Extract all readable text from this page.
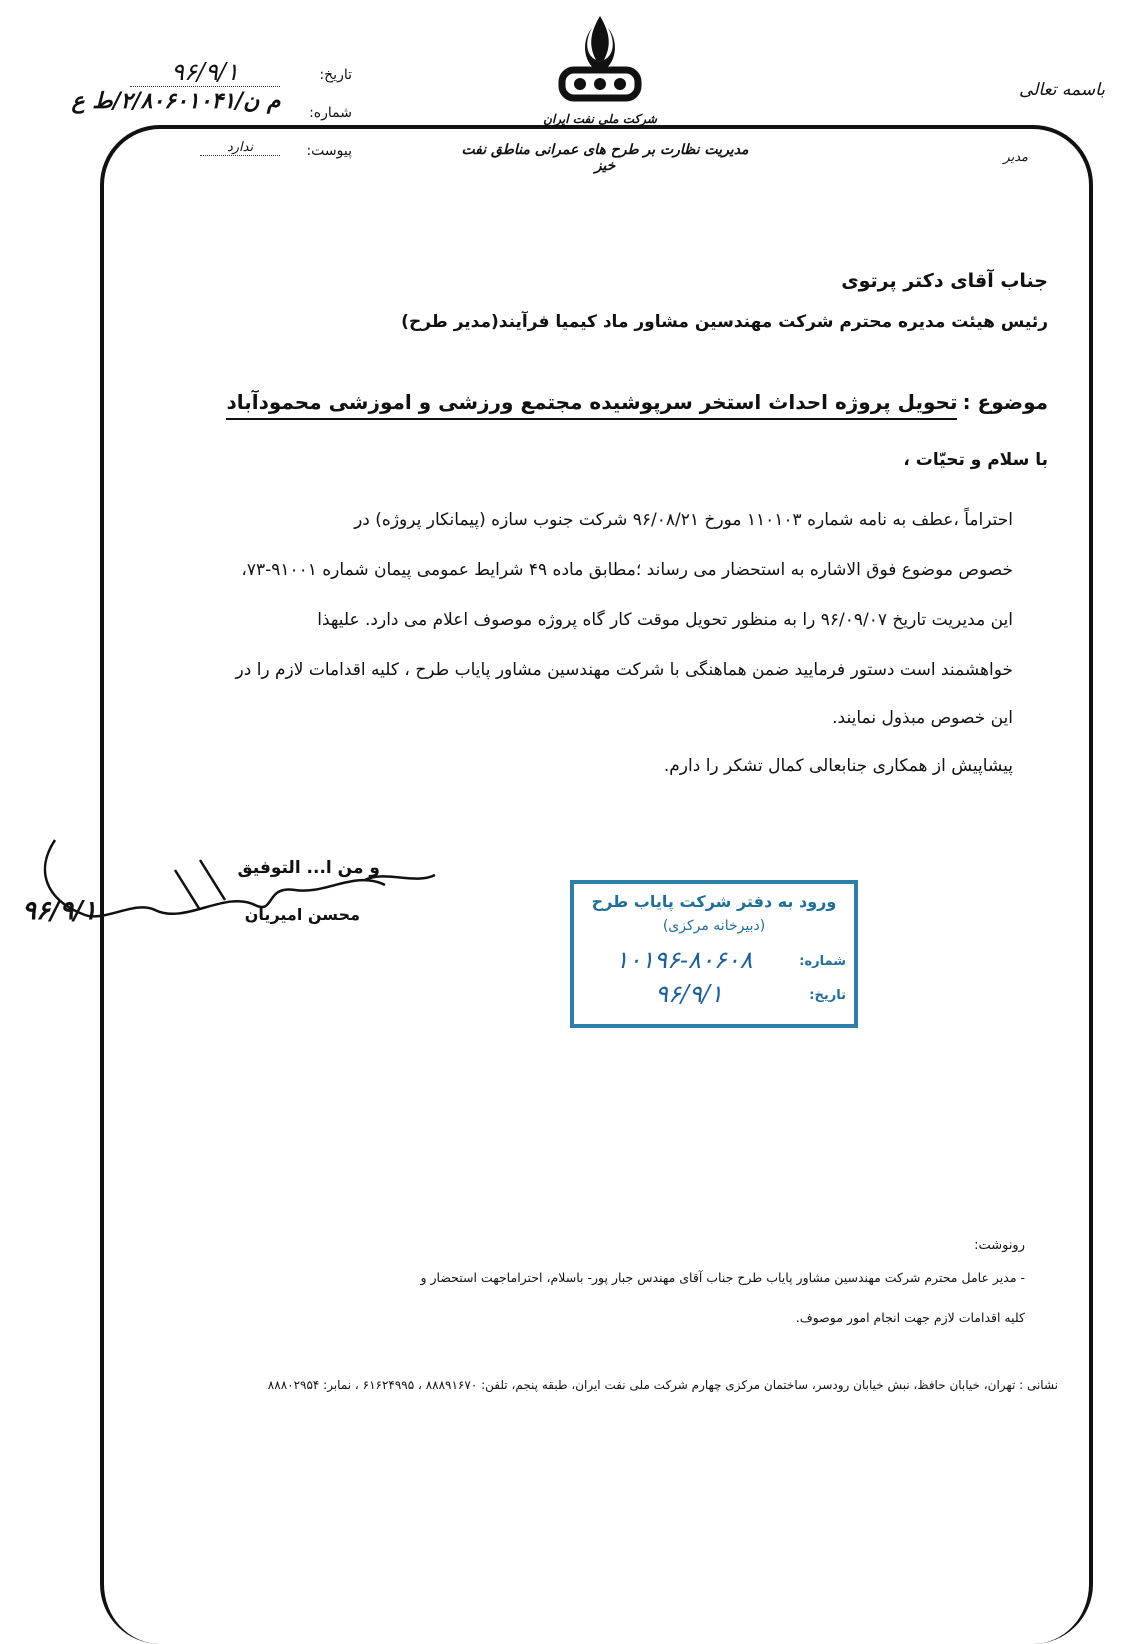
باسمه تعالی
مدیر
شرکت ملی نفت ایران
مدیریت نظارت بر طرح های عمرانی مناطق نفت خیز
تاریخ:
۹۶/۹/۱
شماره:
م ن/۲/۸۰۶۰۱۰۴۱/ط ع
پیوست:
ندارد
جناب آقای دکتر پرتوی
رئیس هیئت مدیره محترم شرکت مهندسین مشاور ماد کیمیا فرآیند(مدیر طرح)
موضوع : تحویل پروژه احداث استخر سرپوشیده مجتمع ورزشی و اموزشی محمودآباد
با سلام و تحیّات ،
احتراماً ،عطف به نامه شماره ۱۱۰۱۰۳ مورخ ۹۶/۰۸/۲۱ شرکت جنوب سازه (پیمانکار پروژه) در
خصوص موضوع فوق الاشاره به استحضار می رساند ؛مطابق ماده ۴۹ شرایط عمومی پیمان شماره ۹۱۰۰۱-۷۳،
این مدیریت تاریخ ۹۶/۰۹/۰۷ را به منظور تحویل موقت کار گاه پروژه موصوف اعلام می دارد. علیهذا
خواهشمند است دستور فرمایید ضمن هماهنگی با شرکت مهندسین مشاور پایاب طرح ، کلیه اقدامات لازم را در
این خصوص مبذول نمایند.
پیشاپیش از همکاری جنابعالی کمال تشکر را دارم.
و من ا... التوفیق
۹۶/۹/۱	محسن امیریان
ورود به دفتر شرکت پایاب طرح
(دبیرخانه مرکزی)
شماره:
۱۰۱۹۶-۸۰۶۰۸
تاریخ:
۹۶/۹/۱
رونوشت:
- مدیر عامل محترم شرکت مهندسین مشاور پایاب طرح جناب آقای مهندس جبار پور- باسلام، احتراماجهت استحضار و
کلیه اقدامات لازم جهت انجام امور موصوف.
نشانی : تهران، خیابان حافظ، نبش خیابان رودسر، ساختمان مرکزی چهارم شرکت ملی نفت ایران، طبقه پنجم، تلفن: ۸۸۸۹۱۶۷۰ ، ۶۱۶۲۴۹۹۵ ، نمابر: ۸۸۸۰۲۹۵۴
